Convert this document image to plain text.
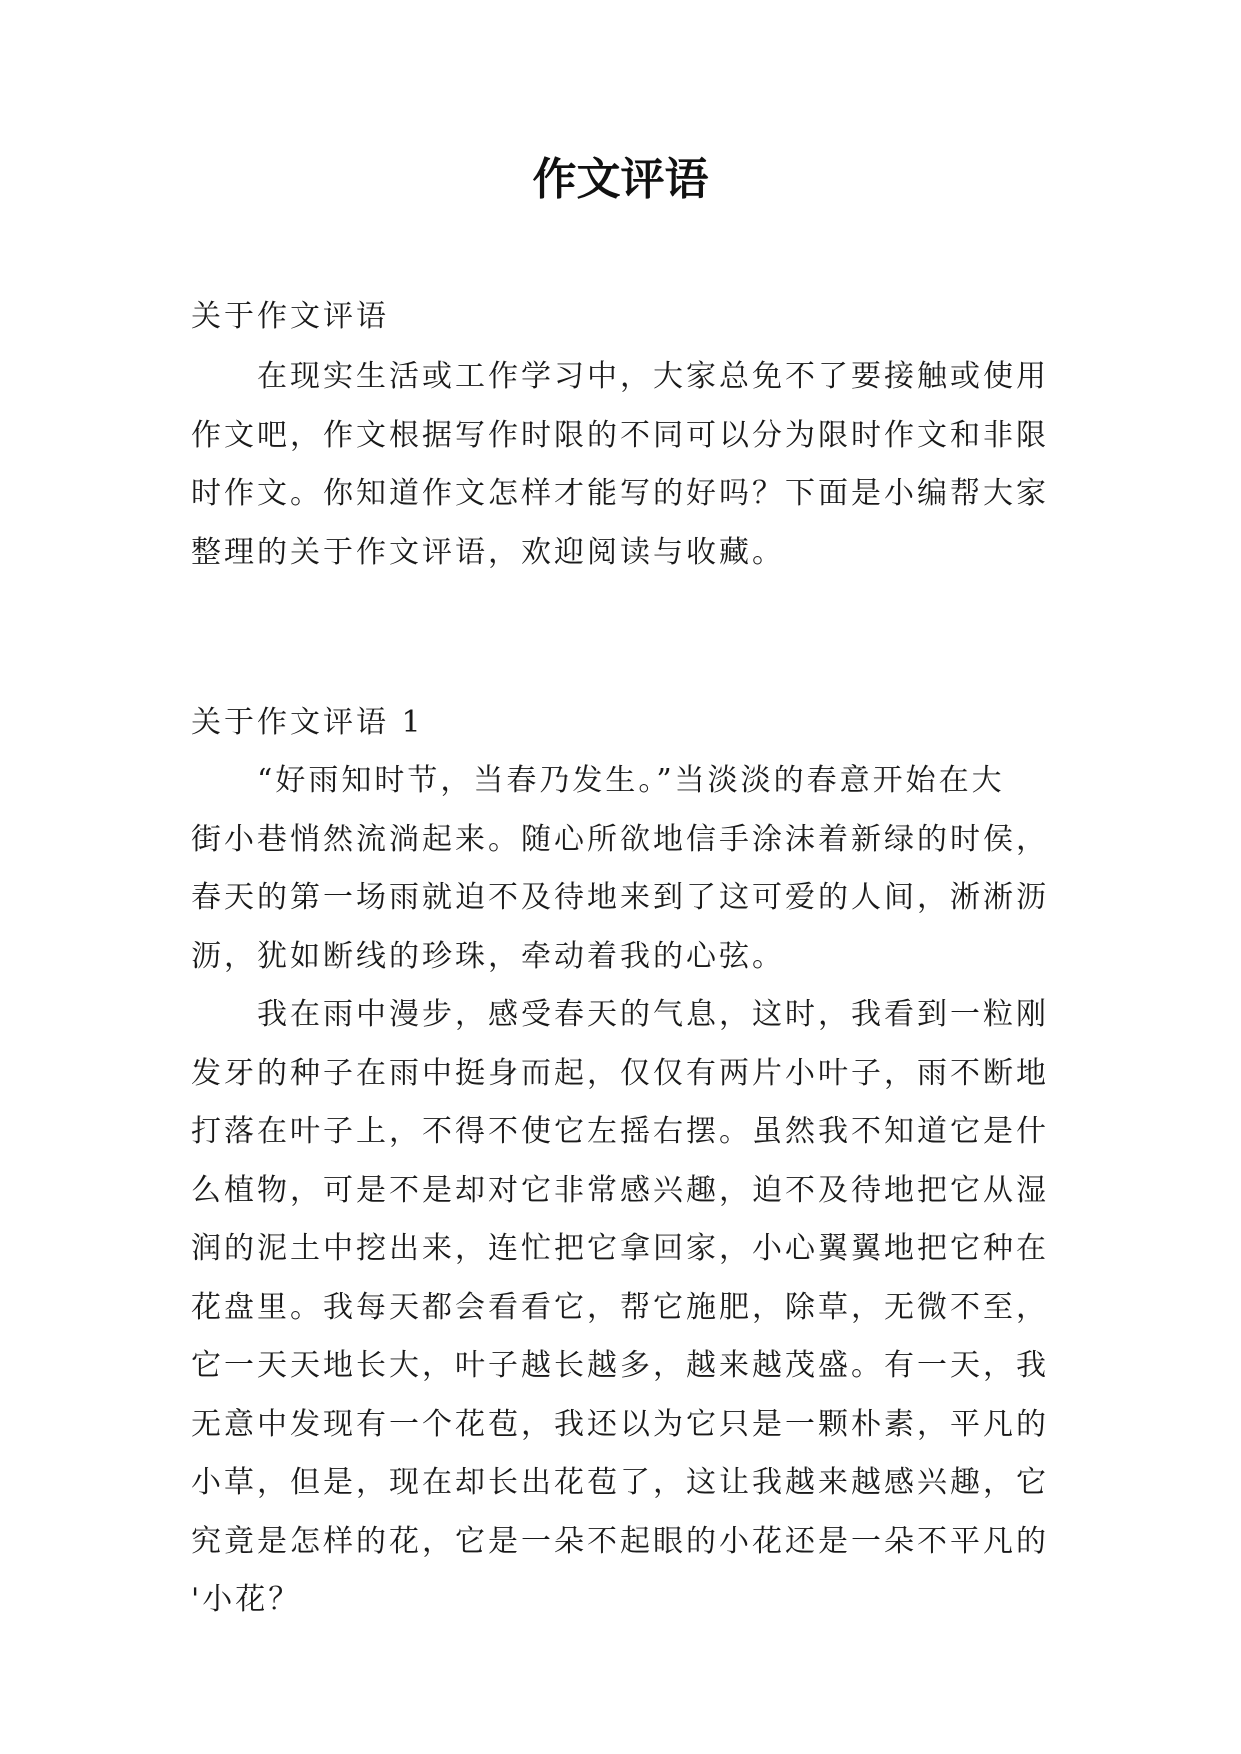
作文评语
关于作文评语
在现实生活或工作学习中，大家总免不了要接触或使用
作文吧，作文根据写作时限的不同可以分为限时作文和非限
时作文。你知道作文怎样才能写的好吗？下面是小编帮大家
整理的关于作文评语，欢迎阅读与收藏。
关于作文评语 1
“好雨知时节，当春乃发生。”当淡淡的春意开始在大
街小巷悄然流淌起来。随心所欲地信手涂沫着新绿的时侯，
春天的第一场雨就迫不及待地来到了这可爱的人间，淅淅沥
沥，犹如断线的珍珠，牵动着我的心弦。
我在雨中漫步，感受春天的气息，这时，我看到一粒刚
发牙的种子在雨中挺身而起，仅仅有两片小叶子，雨不断地
打落在叶子上，不得不使它左摇右摆。虽然我不知道它是什
么植物，可是不是却对它非常感兴趣，迫不及待地把它从湿
润的泥土中挖出来，连忙把它拿回家，小心翼翼地把它种在
花盘里。我每天都会看看它，帮它施肥，除草，无微不至，
它一天天地长大，叶子越长越多，越来越茂盛。有一天，我
无意中发现有一个花苞，我还以为它只是一颗朴素，平凡的
小草，但是，现在却长出花苞了，这让我越来越感兴趣，它
究竟是怎样的花，它是一朵不起眼的小花还是一朵不平凡的
'小花？
